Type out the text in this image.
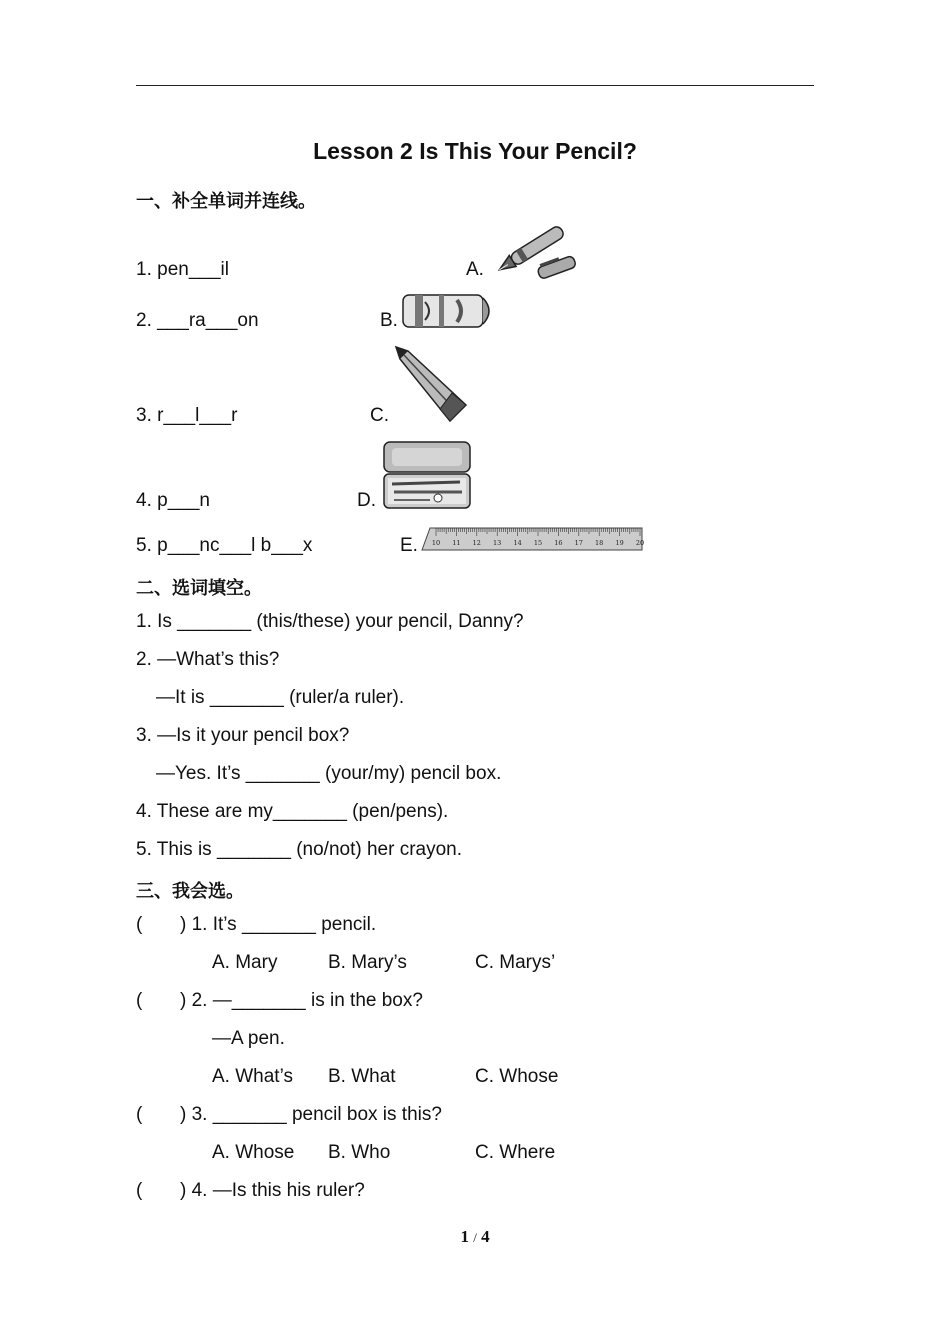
Lesson 2 Is This Your Pencil?
一、补全单词并连线。
1. pen___il
2. ___ra___on
3. r___l___r
4. p___n
5. p___nc___l b___x
A.
B.
C.
D.
E. 10 11 12 13 14 15 16 17 18 19 20
二、选词填空。
1. Is _______ (this/these) your pencil, Danny?
2. —What’s this?
—It is _______ (ruler/a ruler).
3. —Is it your pencil box?
—Yes. It’s _______ (your/my) pencil box.
4. These are my_______ (pen/pens).
5. This is _______ (no/not) her crayon.
三、我会选。
( ) 1. It’s _______ pencil.
A. Mary	B. Mary’s	C. Marys’
( ) 2. —_______ is in the box?
—A pen.
A. What’s B. What	C. Whose
( ) 3. _______ pencil box is this?
A. Whose B. Who	C. Where
( ) 4. —Is this his ruler?
1 / 4
